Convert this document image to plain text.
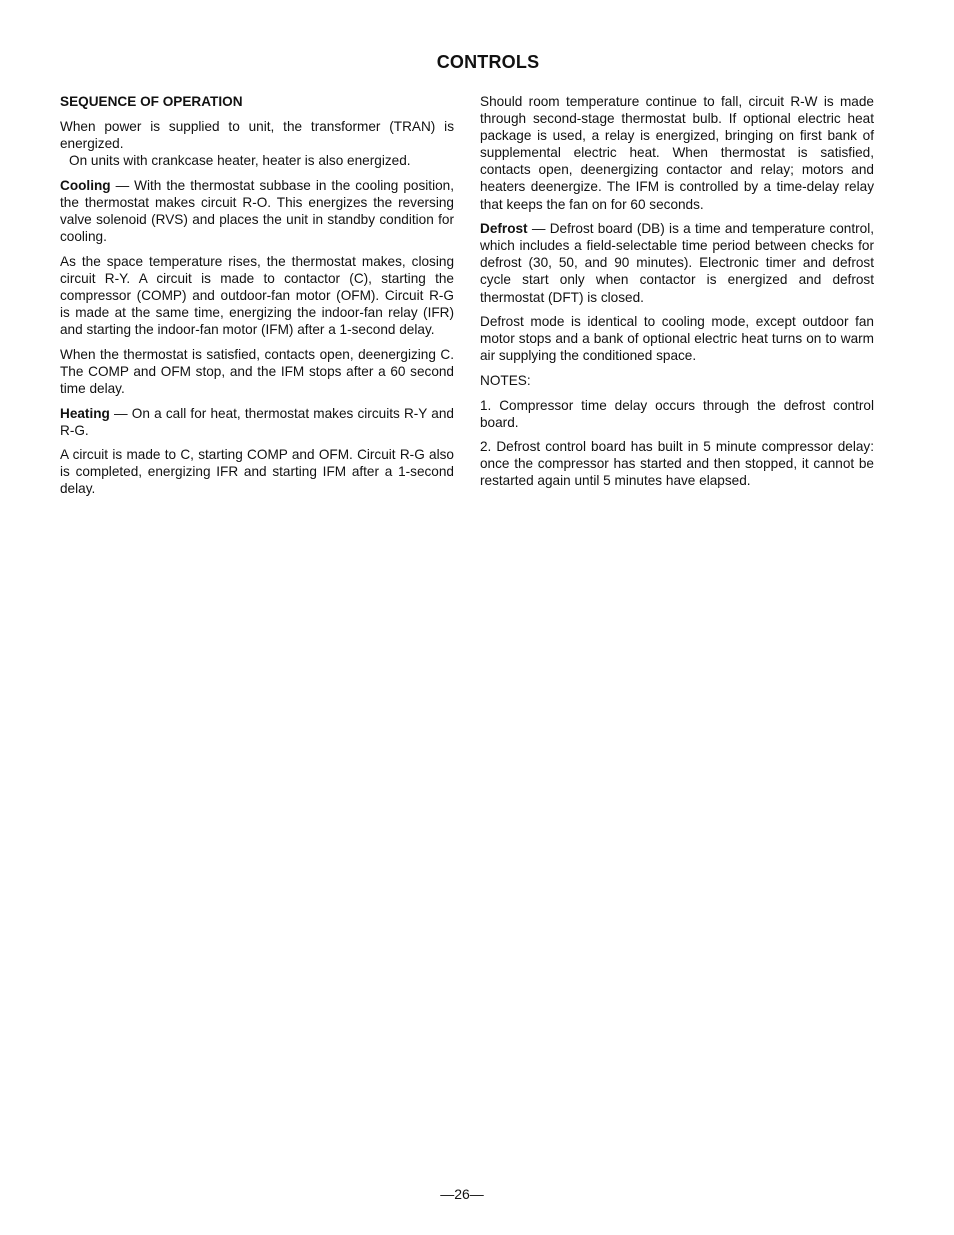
CONTROLS
SEQUENCE OF OPERATION

When power is supplied to unit, the transformer (TRAN) is energized.

On units with crankcase heater, heater is also energized.

Cooling — With the thermostat subbase in the cooling position, the thermostat makes circuit R-O. This energizes the reversing valve solenoid (RVS) and places the unit in standby condition for cooling.

As the space temperature rises, the thermostat makes, closing circuit R-Y. A circuit is made to contactor (C), starting the compressor (COMP) and outdoor-fan motor (OFM). Circuit R-G is made at the same time, energizing the indoor-fan relay (IFR) and starting the indoor-fan motor (IFM) after a 1-second delay.

When the thermostat is satisfied, contacts open, deenergizing C. The COMP and OFM stop, and the IFM stops after a 60 second time delay.

Heating — On a call for heat, thermostat makes circuits R-Y and R-G.

A circuit is made to C, starting COMP and OFM. Circuit R-G also is completed, energizing IFR and starting IFM after a 1-second delay.

Should room temperature continue to fall, circuit R-W is made through second-stage thermostat bulb. If optional electric heat package is used, a relay is energized, bringing on first bank of supplemental electric heat. When thermostat is satisfied, contacts open, deenergizing contactor and relay; motors and heaters deenergize. The IFM is controlled by a time-delay relay that keeps the fan on for 60 seconds.

Defrost — Defrost board (DB) is a time and temperature control, which includes a field-selectable time period between checks for defrost (30, 50, and 90 minutes). Electronic timer and defrost cycle start only when contactor is energized and defrost thermostat (DFT) is closed.

Defrost mode is identical to cooling mode, except outdoor fan motor stops and a bank of optional electric heat turns on to warm air supplying the conditioned space.

NOTES:

1. Compressor time delay occurs through the defrost control board.

2. Defrost control board has built in 5 minute compressor delay: once the compressor has started and then stopped, it cannot be restarted again until 5 minutes have elapsed.

—26—
